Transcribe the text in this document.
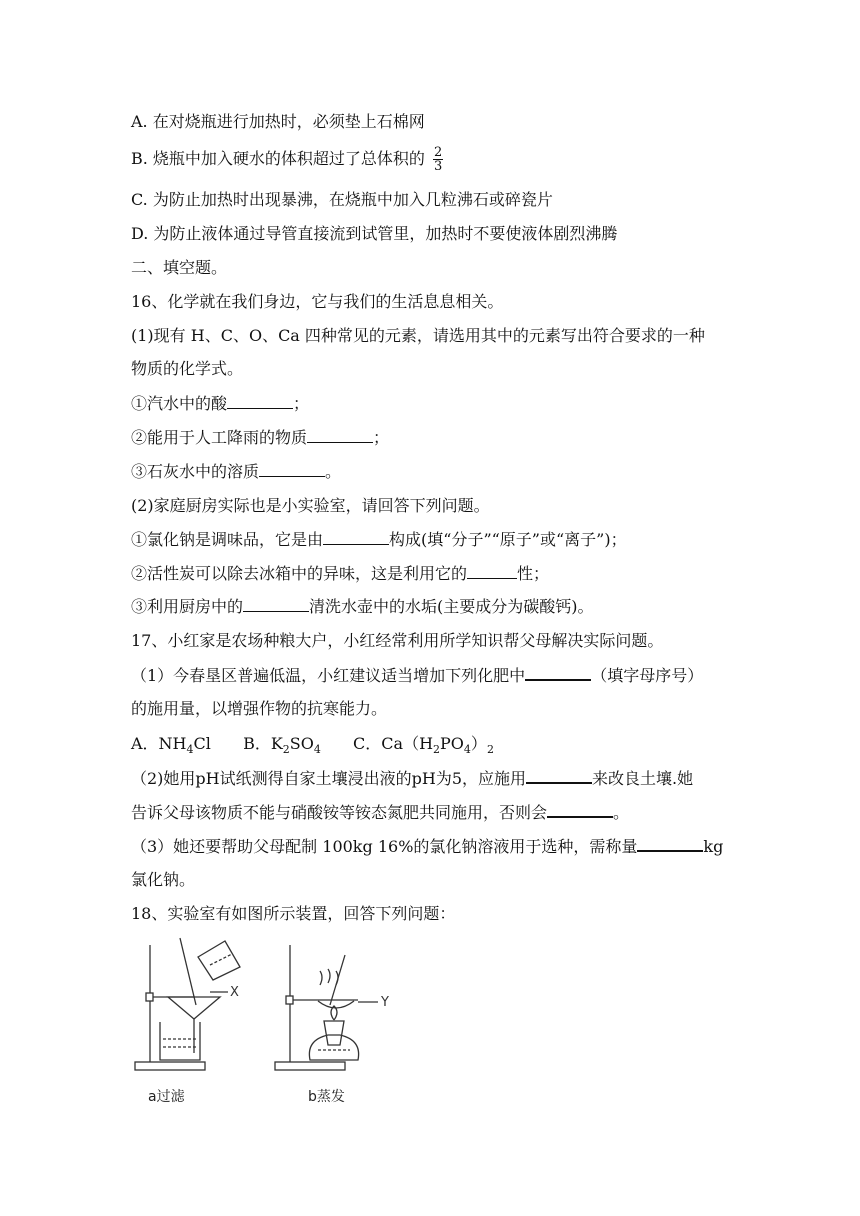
A. 在对烧瓶进行加热时，必须垫上石棉网
B. 烧瓶中加入硬水的体积超过了总体积的 $\frac{2}{3}$
C. 为防止加热时出现暴沸，在烧瓶中加入几粒沸石或碎瓷片
D. 为防止液体通过导管直接流到试管里，加热时不要使液体剧烈沸腾
二、填空题。
16、化学就在我们身边，它与我们的生活息息相关。
(1)现有 H、C、O、Ca 四种常见的元素，请选用其中的元素写出符合要求的一种
物质的化学式。
①汽水中的酸	；
②能用于人工降雨的物质	；
③石灰水中的溶质	。
(2)家庭厨房实际也是小实验室，请回答下列问题。
①氯化钠是调味品，它是由	构成(填“分子”“原子”或“离子”)；
②活性炭可以除去冰箱中的异味，这是利用它的	性；
③利用厨房中的	清洗水壶中的水垢(主要成分为碳酸钙)。
17、小红家是农场种粮大户，小红经常利用所学知识帮父母解决实际问题。
（1）今春垦区普遍低温，小红建议适当增加下列化肥中	（填字母序号）
的施用量，以增强作物的抗寒能力。
A．$NH_4Cl$ B．$K_2SO_4$ C．$Ca(H_2PO_4)_2$
（2)她用pH试纸测得自家土壤浸出液的pH为5，应施用	来改良土壤.她
告诉父母该物质不能与硝酸铵等铵态氮肥共同施用，否则会	。
（3）她还要帮助父母配制 100kg 16%的氯化钠溶液用于选种，需称量	kg
氯化钠。
18、实验室有如图所示装置，回答下列问题：
X
Y
a过滤	b蒸发
